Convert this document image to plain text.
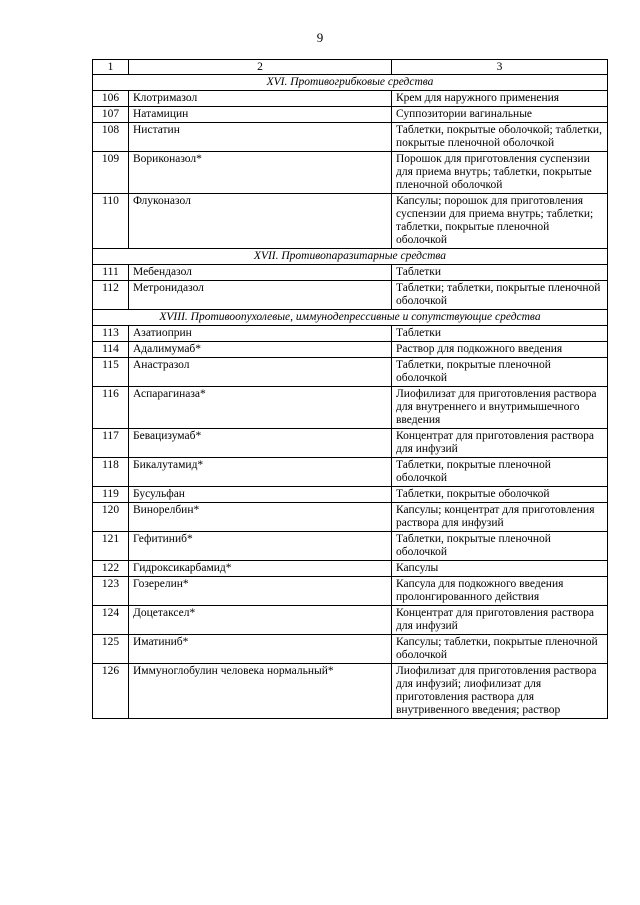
9
1	2	3
XVI. Противогрибковые средства		
106	Клотримазол	Крем для наружного применения
107	Натамицин	Суппозитории вагинальные
108	Нистатин	Таблетки, покрытые оболочкой; таблетки, покрытые пленочной оболочкой
109	Вориконазол*	Порошок для приготовления суспензии для приема внутрь; таблетки, покрытые пленочной оболочкой
110	Флуконазол	Капсулы; порошок для приготовления суспензии для приема внутрь; таблетки; таблетки, покрытые пленочной оболочкой
XVII. Противопаразитарные средства		
111	Мебендазол	Таблетки
112	Метронидазол	Таблетки; таблетки, покрытые пленочной оболочкой
XVIII. Противоопухолевые, иммунодепрессивные и сопутствующие средства		
113	Азатиоприн	Таблетки
114	Адалимумаб*	Раствор для подкожного введения
115	Анастразол	Таблетки, покрытые пленочной оболочкой
116	Аспарагиназа*	Лиофилизат для приготовления раствора для внутреннего и внутримышечного введения
117	Бевацизумаб*	Концентрат для приготовления раствора для инфузий
118	Бикалутамид*	Таблетки, покрытые пленочной оболочкой
119	Бусульфан	Таблетки, покрытые оболочкой
120	Винорелбин*	Капсулы; концентрат для приготовления раствора для инфузий
121	Гефитиниб*	Таблетки, покрытые пленочной оболочкой
122	Гидроксикарбамид*	Капсулы
123	Гозерелин*	Капсула для подкожного введения пролонгированного действия
124	Доцетаксел*	Концентрат для приготовления раствора для инфузий
125	Иматиниб*	Капсулы; таблетки, покрытые пленочной оболочкой
126	Иммуноглобулин человека нормальный*	Лиофилизат для приготовления раствора для инфузий; лиофилизат для приготовления раствора для внутривенного введения; раствор
